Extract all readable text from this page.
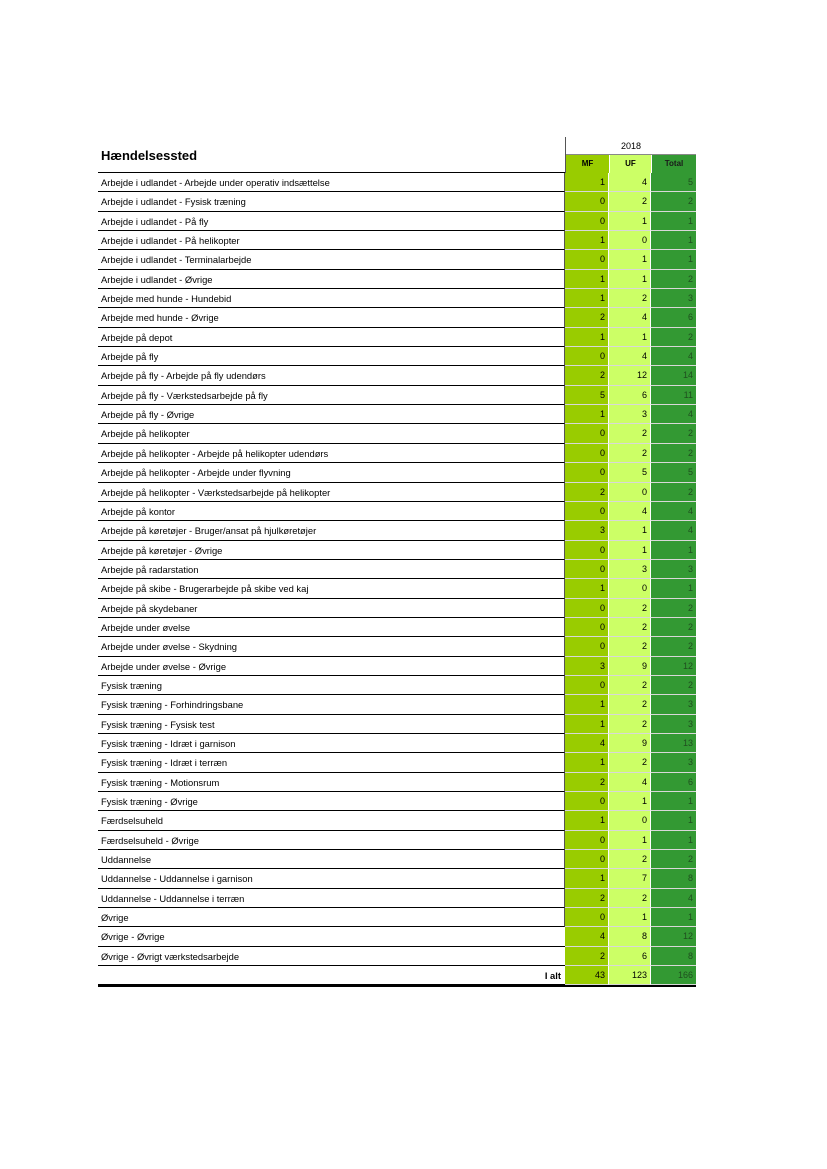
Hændelsessted
2018
MF	UF	Total
Arbejde i udlandet - Arbejde under operativ indsættelse	1	4	5
Arbejde i udlandet - Fysisk træning	0	2	2
Arbejde i udlandet - På fly	0	1	1
Arbejde i udlandet - På helikopter	1	0	1
Arbejde i udlandet - Terminalarbejde	0	1	1
Arbejde i udlandet - Øvrige	1	1	2
Arbejde med hunde - Hundebid	1	2	3
Arbejde med hunde - Øvrige	2	4	6
Arbejde på depot	1	1	2
Arbejde på fly	0	4	4
Arbejde på fly - Arbejde på fly udendørs	2	12	14
Arbejde på fly - Værkstedsarbejde på fly	5	6	11
Arbejde på fly - Øvrige	1	3	4
Arbejde på helikopter	0	2	2
Arbejde på helikopter - Arbejde på helikopter udendørs	0	2	2
Arbejde på helikopter - Arbejde under flyvning	0	5	5
Arbejde på helikopter - Værkstedsarbejde på helikopter	2	0	2
Arbejde på kontor	0	4	4
Arbejde på køretøjer - Bruger/ansat på hjulkøretøjer	3	1	4
Arbejde på køretøjer - Øvrige	0	1	1
Arbejde på radarstation	0	3	3
Arbejde på skibe - Brugerarbejde på skibe ved kaj	1	0	1
Arbejde på skydebaner	0	2	2
Arbejde under øvelse	0	2	2
Arbejde under øvelse - Skydning	0	2	2
Arbejde under øvelse - Øvrige	3	9	12
Fysisk træning	0	2	2
Fysisk træning - Forhindringsbane	1	2	3
Fysisk træning - Fysisk test	1	2	3
Fysisk træning - Idræt i garnison	4	9	13
Fysisk træning - Idræt i terræn	1	2	3
Fysisk træning - Motionsrum	2	4	6
Fysisk træning - Øvrige	0	1	1
Færdselsuheld	1	0	1
Færdselsuheld - Øvrige	0	1	1
Uddannelse	0	2	2
Uddannelse - Uddannelse i garnison	1	7	8
Uddannelse - Uddannelse i terræn	2	2	4
Øvrige	0	1	1
Øvrige - Øvrige	4	8	12
Øvrige - Øvrigt værkstedsarbejde	2	6	8
I alt	43	123	166
